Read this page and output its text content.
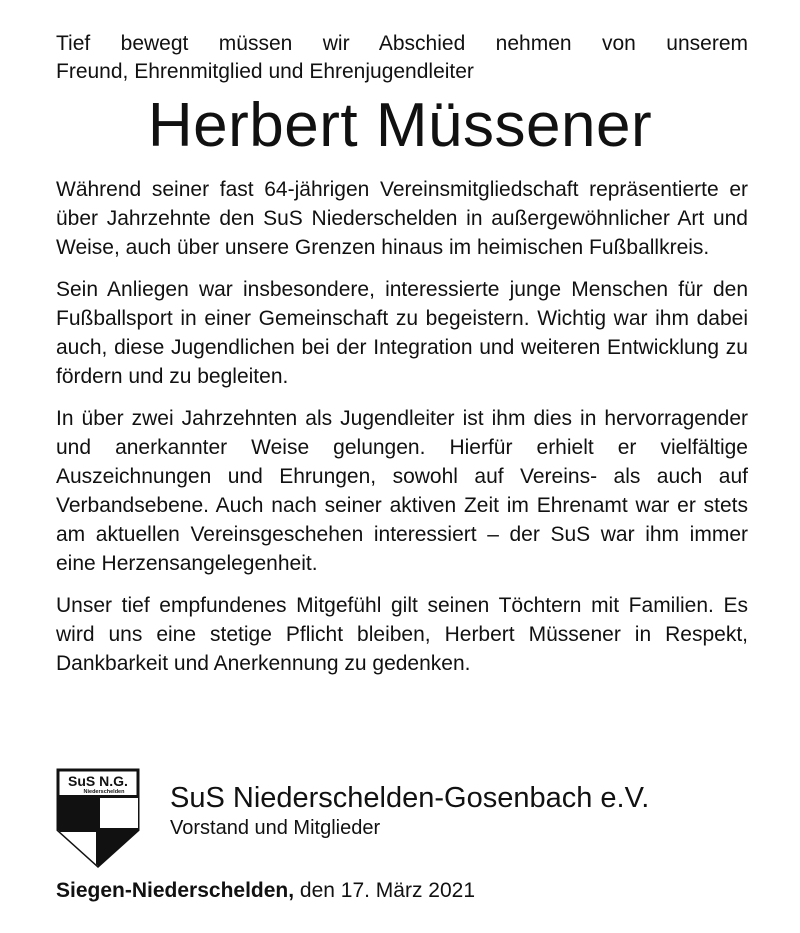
Tief bewegt müssen wir Abschied nehmen von unserem
Freund, Ehrenmitglied und Ehrenjugendleiter
Herbert Müssener

Während seiner fast 64-jährigen Vereinsmitgliedschaft repräsentierte er über Jahrzehnte den SuS Niederschelden in außergewöhnlicher Art und Weise, auch über unsere Grenzen hinaus im heimischen Fußballkreis.

Sein Anliegen war insbesondere, interessierte junge Menschen für den Fußballsport in einer Gemeinschaft zu begeistern. Wichtig war ihm dabei auch, diese Jugendlichen bei der Integration und weiteren Entwicklung zu fördern und zu begleiten.

In über zwei Jahrzehnten als Jugendleiter ist ihm dies in hervorragender und anerkannter Weise gelungen. Hierfür erhielt er vielfältige Auszeichnungen und Ehrungen, sowohl auf Vereins- als auch auf Verbandsebene. Auch nach seiner aktiven Zeit im Ehrenamt war er stets am aktuellen Vereinsgeschehen interessiert – der SuS war ihm immer eine Herzensangelegenheit.

Unser tief empfundenes Mitgefühl gilt seinen Töchtern mit Familien. Es wird uns eine stetige Pflicht bleiben, Herbert Müssener in Respekt, Dankbarkeit und Anerkennung zu gedenken.

SuS N.G.
Niederschelden SuS Niederschelden-Gosenbach e.V.
Vorstand und Mitglieder
Siegen-Niederschelden, den 17. März 2021
